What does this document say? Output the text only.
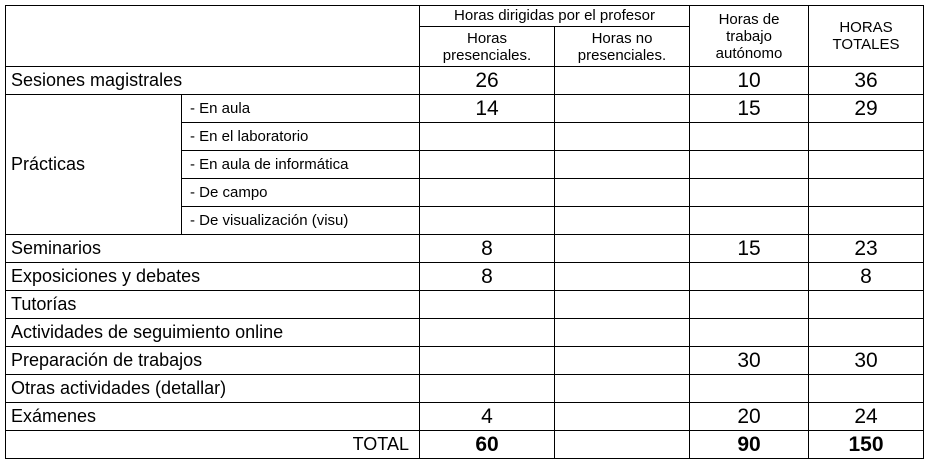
		Horas dirigidas por el profesor		Horas de trabajo autónomo	HORAS TOTALES
		Horas presenciales.	Horas no presenciales.		
Sesiones magistrales		26		10	36
Prácticas	- En aula	14		15	29
	- En el laboratorio				
	- En aula de informática				
	- De campo				
	- De visualización (visu)				
Seminarios		8		15	23
Exposiciones y debates		8			8
Tutorías					
Actividades de seguimiento online					
Preparación de trabajos				30	30
Otras actividades (detallar)					
Exámenes		4		20	24
TOTAL		60		90	150
